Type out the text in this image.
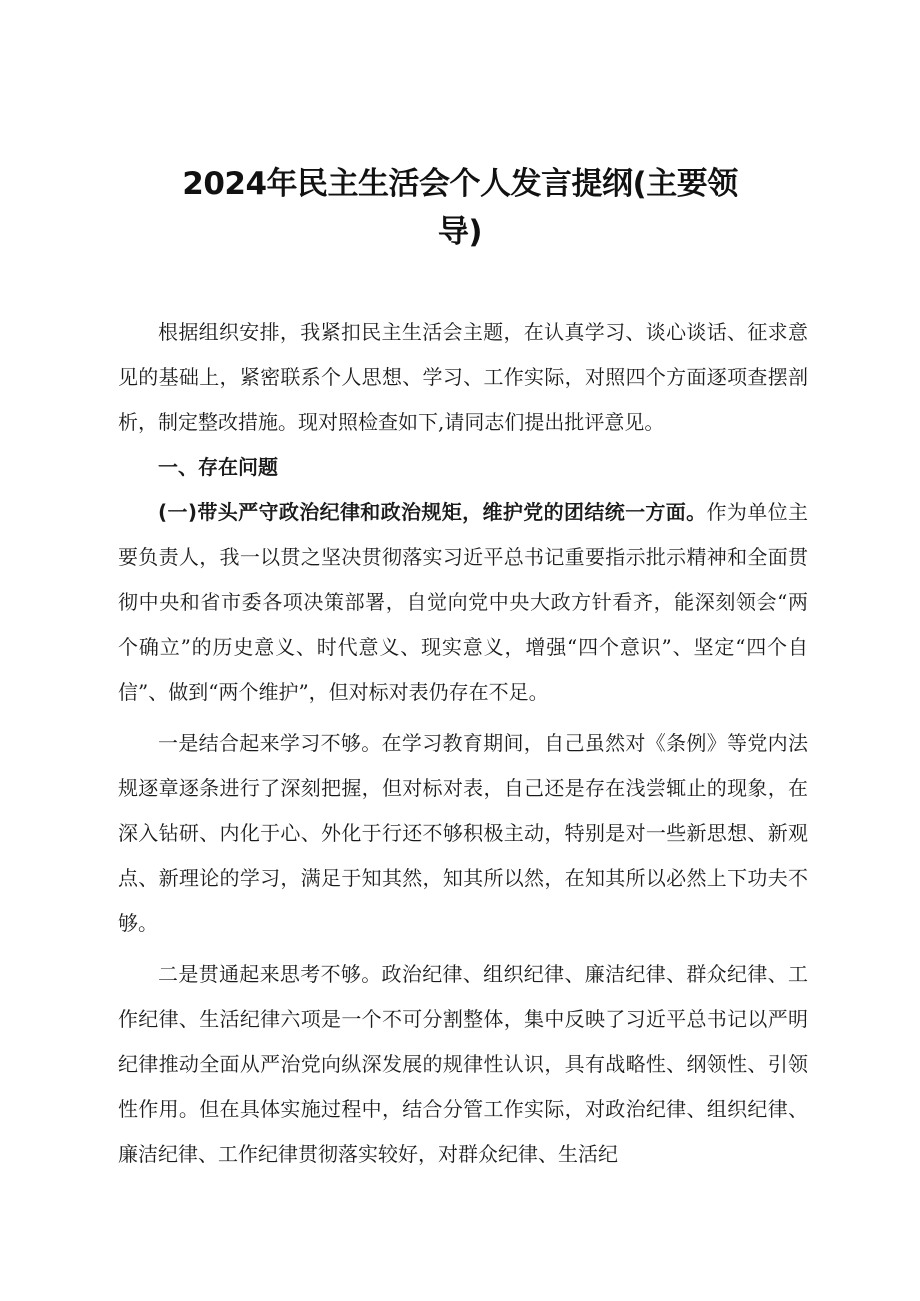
2024年民主生活会个人发言提纲(主要领
导)

根据组织安排，我紧扣民主生活会主题，在认真学习、谈心谈话、征求意见的基础上，紧密联系个人思想、学习、工作实际，对照四个方面逐项查摆剖析，制定整改措施。现对照检查如下,请同志们提出批评意见。

一、存在问题

(一)带头严守政治纪律和政治规矩，维护党的团结统一方面。作为单位主要负责人，我一以贯之坚决贯彻落实习近平总书记重要指示批示精神和全面贯彻中央和省市委各项决策部署，自觉向党中央大政方针看齐，能深刻领会“两个确立”的历史意义、时代意义、现实意义，增强“四个意识”、坚定“四个自信”、做到“两个维护”，但对标对表仍存在不足。

一是结合起来学习不够。在学习教育期间，自己虽然对《条例》等党内法规逐章逐条进行了深刻把握，但对标对表，自己还是存在浅尝辄止的现象，在深入钻研、内化于心、外化于行还不够积极主动，特别是对一些新思想、新观点、新理论的学习，满足于知其然，知其所以然，在知其所以必然上下功夫不够。

二是贯通起来思考不够。政治纪律、组织纪律、廉洁纪律、群众纪律、工作纪律、生活纪律六项是一个不可分割整体，集中反映了习近平总书记以严明纪律推动全面从严治党向纵深发展的规律性认识，具有战略性、纲领性、引领性作用。但在具体实施过程中，结合分管工作实际，对政治纪律、组织纪律、廉洁纪律、工作纪律贯彻落实较好，对群众纪律、生活纪
